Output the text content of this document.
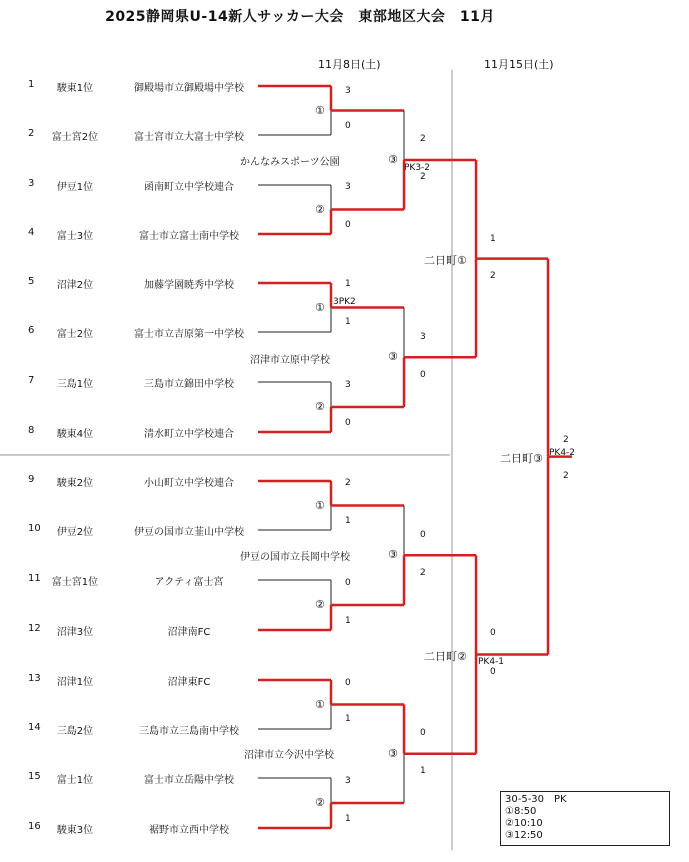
2025静岡県U-14新人サッカー大会　東部地区大会　11月
11月8日(土)	11月15日(土)
1	駿東1位	御殿場市立御殿場中学校
2	富士宮2位	富士宮市立大富士中学校
3	伊豆1位	函南町立中学校連合
4	富士3位	富士市立富士南中学校
5	沼津2位	加藤学園暁秀中学校
6	富士2位	富士市立吉原第一中学校
7	三島1位	三島市立錦田中学校
8	駿東4位	清水町立中学校連合
9	駿東2位	小山町立中学校連合
10	伊豆2位	伊豆の国市立韮山中学校
11	富士宮1位	アクティ富士宮
12	沼津3位	沼津南FC
13	沼津1位	沼津東FC
14	三島2位	三島市立三島南中学校
15	富士1位	富士市立岳陽中学校
16	駿東3位	裾野市立西中学校
①
②
①
②
①
②
①
②
③
③
③
③
二日町①
二日町②
二日町③
かんなみスポーツ公園
沼津市立原中学校
伊豆の国市立長岡中学校
沼津市立今沢中学校
3
0
3
0
1
1
3
0
2
1
0
1
0
1
3
1
3PK2
2
2
3
0
0
2
0
1
PK3-2
1
2
0
0
PK4-1
2
2
PK4-2
30-5-30　PK
①8:50
②10:10
③12:50
